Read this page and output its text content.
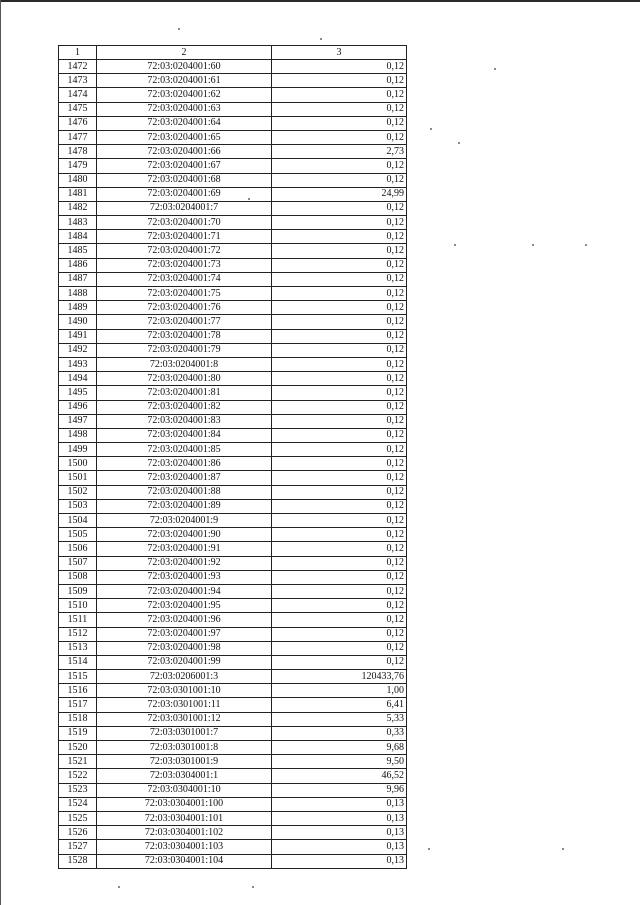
1	2	3
1472	72:03:0204001:60	0,12
1473	72:03:0204001:61	0,12
1474	72:03:0204001:62	0,12
1475	72:03:0204001:63	0,12
1476	72:03:0204001:64	0,12
1477	72:03:0204001:65	0,12
1478	72:03:0204001:66	2,73
1479	72:03:0204001:67	0,12
1480	72:03:0204001:68	0,12
1481	72:03:0204001:69	24,99
1482	72:03:0204001:7	0,12
1483	72:03:0204001:70	0,12
1484	72:03:0204001:71	0,12
1485	72:03:0204001:72	0,12
1486	72:03:0204001:73	0,12
1487	72:03:0204001:74	0,12
1488	72:03:0204001:75	0,12
1489	72:03:0204001:76	0,12
1490	72:03:0204001:77	0,12
1491	72:03:0204001:78	0,12
1492	72:03:0204001:79	0,12
1493	72:03:0204001:8	0,12
1494	72:03:0204001:80	0,12
1495	72:03:0204001:81	0,12
1496	72:03:0204001:82	0,12
1497	72:03:0204001:83	0,12
1498	72:03:0204001:84	0,12
1499	72:03:0204001:85	0,12
1500	72:03:0204001:86	0,12
1501	72:03:0204001:87	0,12
1502	72:03:0204001:88	0,12
1503	72:03:0204001:89	0,12
1504	72:03:0204001:9	0,12
1505	72:03:0204001:90	0,12
1506	72:03:0204001:91	0,12
1507	72:03:0204001:92	0,12
1508	72:03:0204001:93	0,12
1509	72:03:0204001:94	0,12
1510	72:03:0204001:95	0,12
1511	72:03:0204001:96	0,12
1512	72:03:0204001:97	0,12
1513	72:03:0204001:98	0,12
1514	72:03:0204001:99	0,12
1515	72:03:0206001:3	120433,76
1516	72:03:0301001:10	1,00
1517	72:03:0301001:11	6,41
1518	72:03:0301001:12	5,33
1519	72:03:0301001:7	0,33
1520	72:03:0301001:8	9,68
1521	72:03:0301001:9	9,50
1522	72:03:0304001:1	46,52
1523	72:03:0304001:10	9,96
1524	72:03:0304001:100	0,13
1525	72:03:0304001:101	0,13
1526	72:03:0304001:102	0,13
1527	72:03:0304001:103	0,13
1528	72:03:0304001:104	0,13
